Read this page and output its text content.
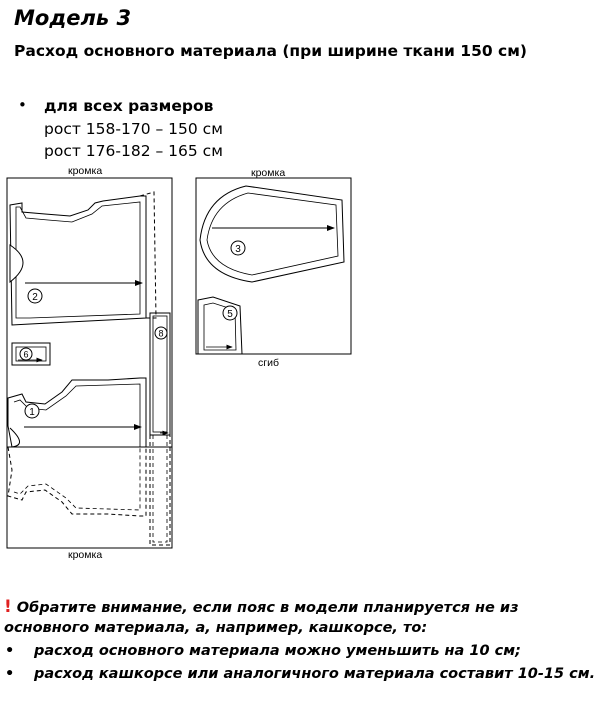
Модель 3
Расход основного материала (при ширине ткани 150 см)
• для всех размеров
рост 158-170 – 150 см
рост 176-182 – 165 см
кромка
кромка
кромка
сгиб
2
6
8
1
3
5
! Обратите внимание, если пояс в модели планируется не из
основного материала, а, например, кашкорсе, то:
• расход основного материала можно уменьшить на 10 см;
• расход кашкорсе или аналогичного материала составит 10-15 см.
